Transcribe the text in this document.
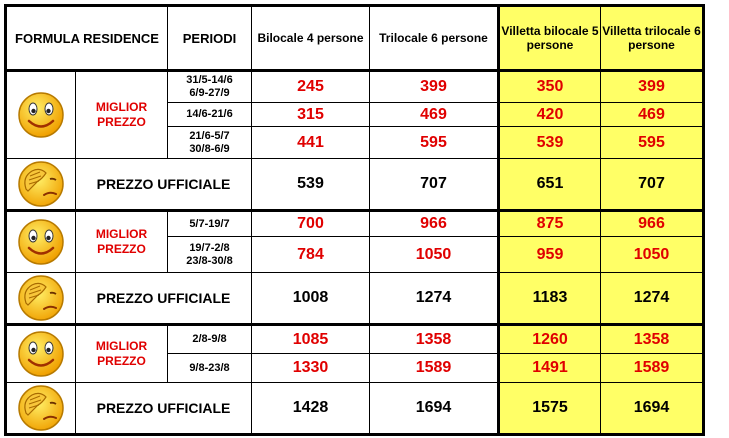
FORMULA RESIDENCE		PERIODI	Bilocale 4 persone	Trilocale 6 persone	Villetta bilocale 5 persone	Villetta trilocale 6 persone

	MIGLIOR PREZZO	31/5-14/6
6/9-27/9	245	399	350	399
		14/6-21/6	315	469	420	469
		21/6-5/7
30/8-6/9	441	595	539	595

	PREZZO UFFICIALE		539	707	651	707

	MIGLIOR PREZZO	5/7-19/7	700	966	875	966
		19/7-2/8
23/8-30/8	784	1050	959	1050

	PREZZO UFFICIALE		1008	1274	1183	1274

	MIGLIOR PREZZO	2/8-9/8	1085	1358	1260	1358
		9/8-23/8	1330	1589	1491	1589

	PREZZO UFFICIALE		1428	1694	1575	1694
